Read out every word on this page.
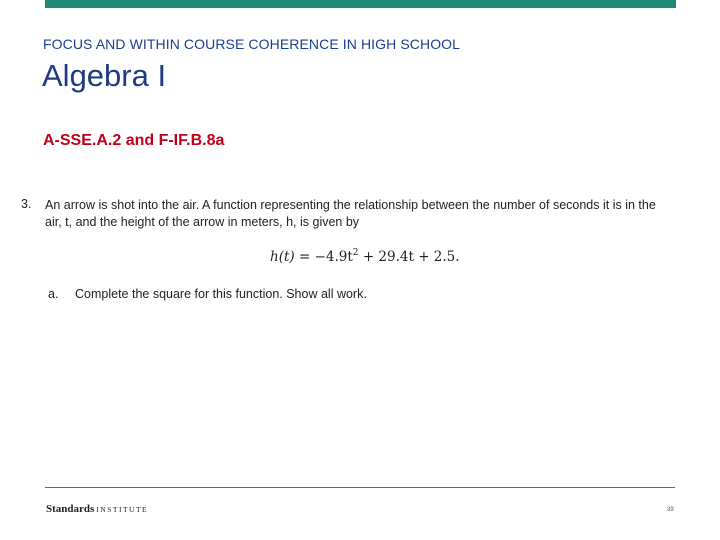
FOCUS AND WITHIN COURSE COHERENCE IN HIGH SCHOOL
Algebra I
A-SSE.A.2 and F-IF.B.8a
3. An arrow is shot into the air. A function representing the relationship between the number of seconds it is in the air, t, and the height of the arrow in meters, h, is given by
$h(t) = -4.9t^2 + 29.4t + 2.5$.
a. Complete the square for this function. Show all work.
Standards INSTITUTE	39
